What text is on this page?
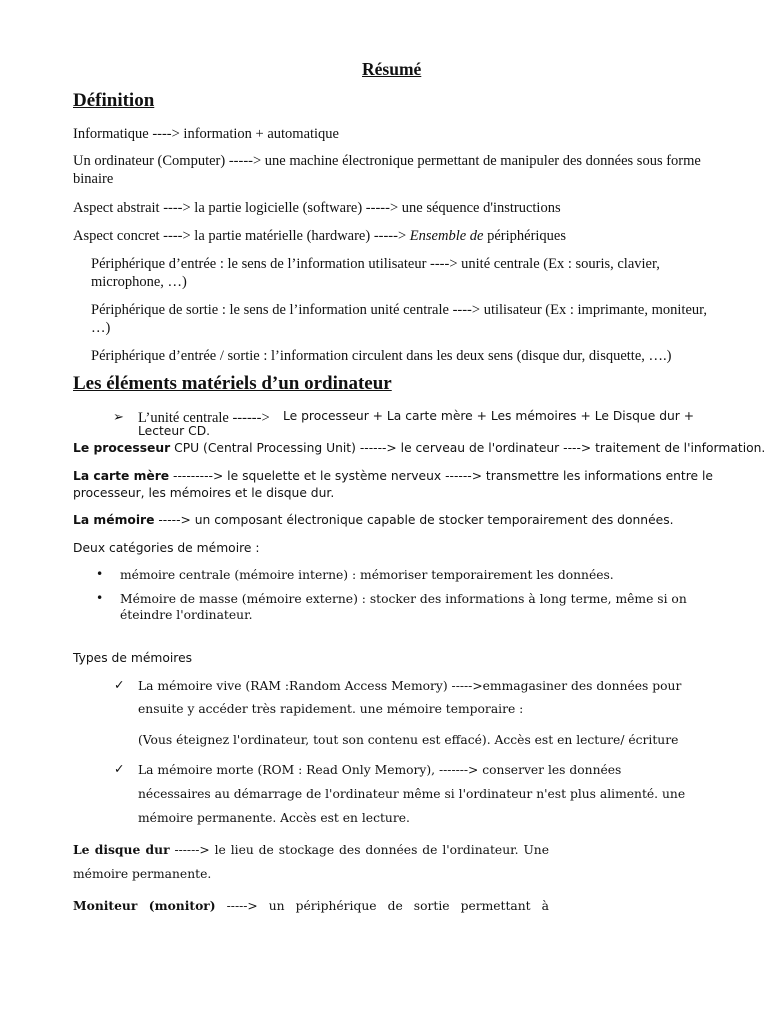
Résumé
Définition
Informatique ----> information + automatique
Un ordinateur (Computer) -----> une machine électronique permettant de manipuler des données sous forme binaire
Aspect abstrait ----> la partie logicielle (software) -----> une séquence d'instructions
Aspect concret ----> la partie matérielle (hardware) -----> Ensemble de périphériques
Périphérique d’entrée : le sens de l’information utilisateur ----> unité centrale (Ex : souris, clavier, microphone, …)
Périphérique de sortie : le sens de l’information unité centrale ----> utilisateur (Ex : imprimante, moniteur, …)
Périphérique d’entrée / sortie : l’information circulent dans les deux sens (disque dur, disquette, ….)
Les éléments matériels d’un ordinateur
➢ L’unité centrale ------>	Le processeur + La carte mère + Les mémoires + Le Disque dur + Lecteur CD.
Le processeur CPU (Central Processing Unit) ------> le cerveau de l'ordinateur ----> traitement de l'information.
La carte mère ---------> le squelette et le système nerveux ------> transmettre les informations entre le processeur, les mémoires et le disque dur.
La mémoire -----> un composant électronique capable de stocker temporairement des données.
Deux catégories de mémoire :
• mémoire centrale (mémoire interne) : mémoriser temporairement les données.
• Mémoire de masse (mémoire externe) : stocker des informations à long terme, même si on éteindre l'ordinateur.
Types de mémoires
✓ La mémoire vive (RAM :Random Access Memory) ----->emmagasiner des données pour
ensuite y accéder très rapidement. une mémoire temporaire :
(Vous éteignez l'ordinateur, tout son contenu est effacé). Accès est en lecture/ écriture
✓ La mémoire morte (ROM : Read Only Memory), -------> conserver les données
nécessaires au démarrage de l'ordinateur même si l'ordinateur n'est plus alimenté. une
mémoire permanente. Accès est en lecture.
Le disque dur ------> le lieu de stockage des données de l'ordinateur. Une
mémoire permanente.
Moniteur (monitor) -----> un périphérique de sortie permettant à
